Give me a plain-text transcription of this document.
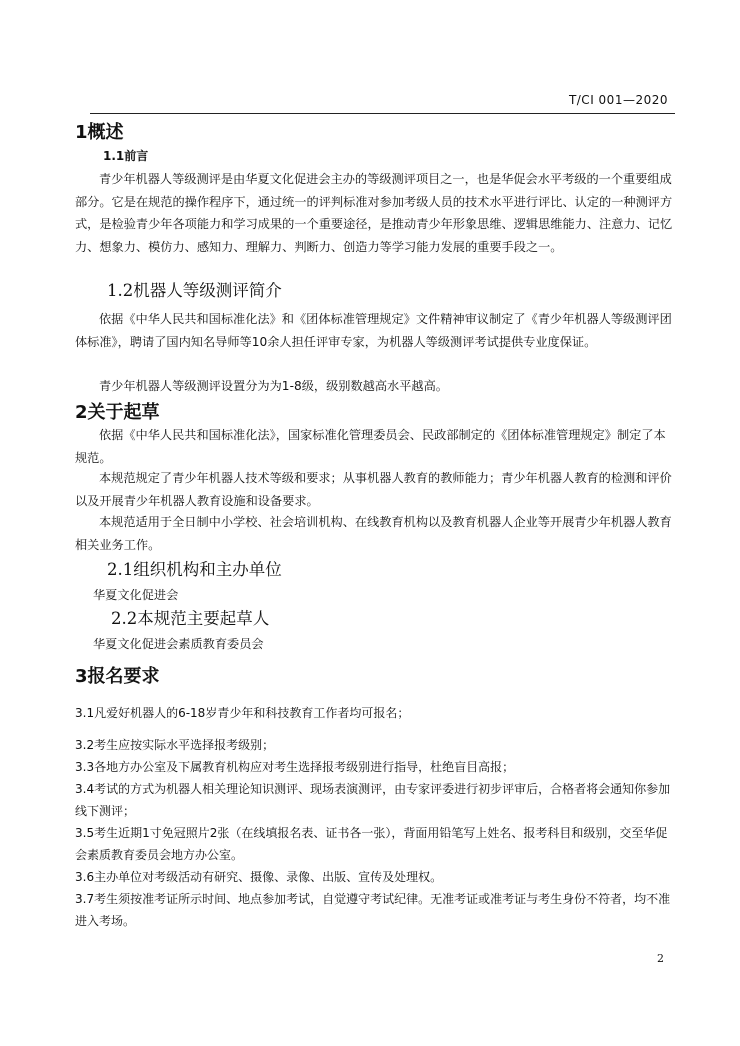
T/CI 001—2020
1概述
1.1前言
青少年机器人等级测评是由华夏文化促进会主办的等级测评项目之一，也是华促会水平考级的一个重要组成部分。它是在规范的操作程序下，通过统一的评判标准对参加考级人员的技术水平进行评比、认定的一种测评方式，是检验青少年各项能力和学习成果的一个重要途径，是推动青少年形象思维、逻辑思维能力、注意力、记忆力、想象力、模仿力、感知力、理解力、判断力、创造力等学习能力发展的重要手段之一。
1.2机器人等级测评简介
依据《中华人民共和国标准化法》和《团体标准管理规定》文件精神审议制定了《青少年机器人等级测评团体标准》，聘请了国内知名导师等10余人担任评审专家，为机器人等级测评考试提供专业度保证。
青少年机器人等级测评设置分为为1-8级，级别数越高水平越高。
2关于起草
依据《中华人民共和国标准化法》，国家标准化管理委员会、民政部制定的《团体标准管理规定》制定了本规范。
本规范规定了青少年机器人技术等级和要求；从事机器人教育的教师能力；青少年机器人教育的检测和评价以及开展青少年机器人教育设施和设备要求。
本规范适用于全日制中小学校、社会培训机构、在线教育机构以及教育机器人企业等开展青少年机器人教育相关业务工作。
2.1组织机构和主办单位
华夏文化促进会
2.2本规范主要起草人
华夏文化促进会素质教育委员会
3报名要求
3.1凡爱好机器人的6-18岁青少年和科技教育工作者均可报名；
3.2考生应按实际水平选择报考级别；
3.3各地方办公室及下属教育机构应对考生选择报考级别进行指导，杜绝盲目高报；
3.4考试的方式为机器人相关理论知识测评、现场表演测评，由专家评委进行初步评审后，合格者将会通知你参加线下测评；
3.5考生近期1寸免冠照片2张（在线填报名表、证书各一张），背面用铅笔写上姓名、报考科目和级别，交至华促会素质教育委员会地方办公室。
3.6主办单位对考级活动有研究、摄像、录像、出版、宣传及处理权。
3.7考生须按准考证所示时间、地点参加考试，自觉遵守考试纪律。无准考证或准考证与考生身份不符者，均不准进入考场。
2
